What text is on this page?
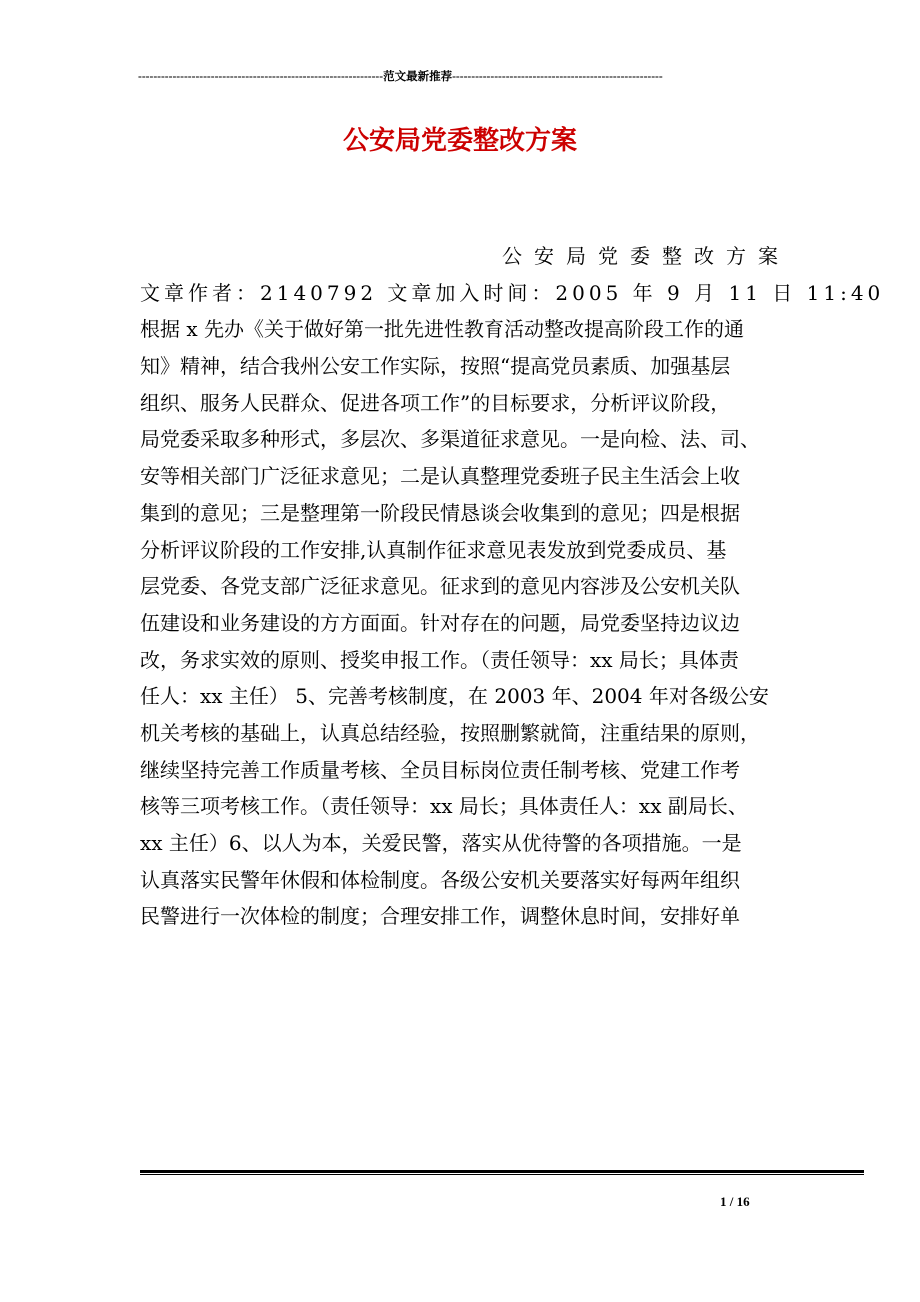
----------------------------------------------------------------范文最新推荐-------------------------------------------------------
公安局党委整改方案
公安局党委整改方案
文章作者：2140792 文章加入时间：2005 年 9 月 11 日 11:40
根据 x 先办《关于做好第一批先进性教育活动整改提高阶段工作的通
知》精神，结合我州公安工作实际，按照“提高党员素质、加强基层
组织、服务人民群众、促进各项工作”的目标要求，分析评议阶段，
局党委采取多种形式，多层次、多渠道征求意见。一是向检、法、司、
安等相关部门广泛征求意见；二是认真整理党委班子民主生活会上收
集到的意见；三是整理第一阶段民情恳谈会收集到的意见；四是根据
分析评议阶段的工作安排,认真制作征求意见表发放到党委成员、基
层党委、各党支部广泛征求意见。征求到的意见内容涉及公安机关队
伍建设和业务建设的方方面面。针对存在的问题，局党委坚持边议边
改，务求实效的原则、授奖申报工作。（责任领导：xx 局长；具体责
任人：xx 主任） 5、完善考核制度，在 2003 年、2004 年对各级公安
机关考核的基础上，认真总结经验，按照删繁就简，注重结果的原则，
继续坚持完善工作质量考核、全员目标岗位责任制考核、党建工作考
核等三项考核工作。（责任领导：xx 局长；具体责任人：xx 副局长、
xx 主任）6、以人为本，关爱民警，落实从优待警的各项措施。一是
认真落实民警年休假和体检制度。各级公安机关要落实好每两年组织
民警进行一次体检的制度；合理安排工作，调整休息时间，安排好单
1 / 16
